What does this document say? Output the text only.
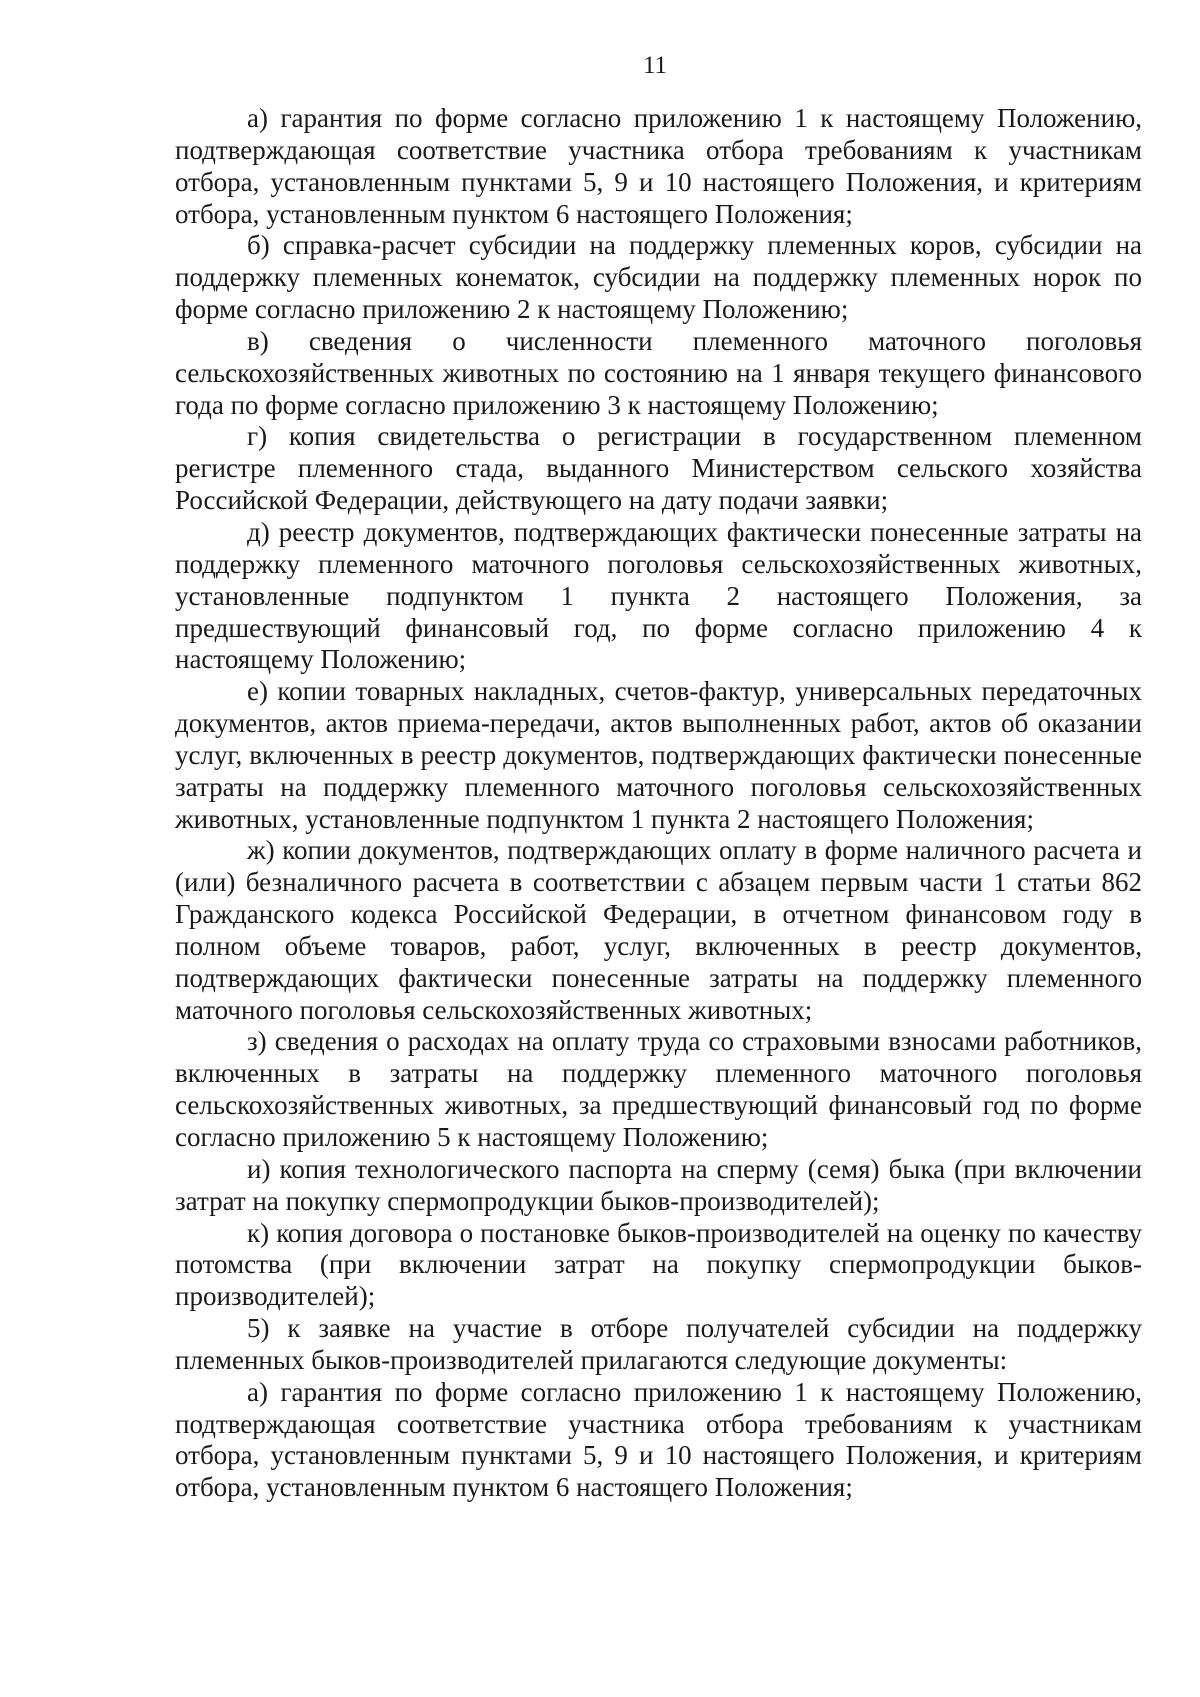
11

а) гарантия по форме согласно приложению 1 к настоящему Положению, подтверждающая соответствие участника отбора требованиям к участникам отбора, установленным пунктами 5, 9 и 10 настоящего Положения, и критериям отбора, установленным пунктом 6 настоящего Положения;

б) справка-расчет субсидии на поддержку племенных коров, субсидии на поддержку племенных конематок, субсидии на поддержку племенных норок по форме согласно приложению 2 к настоящему Положению;

в) сведения о численности племенного маточного поголовья сельскохозяйственных животных по состоянию на 1 января текущего финансового года по форме согласно приложению 3 к настоящему Положению;

г) копия свидетельства о регистрации в государственном племенном регистре племенного стада, выданного Министерством сельского хозяйства Российской Федерации, действующего на дату подачи заявки;

д) реестр документов, подтверждающих фактически понесенные затраты на поддержку племенного маточного поголовья сельскохозяйственных животных, установленные подпунктом 1 пункта 2 настоящего Положения, за предшествующий финансовый год, по форме согласно приложению 4 к настоящему Положению;

е) копии товарных накладных, счетов-фактур, универсальных передаточных документов, актов приема-передачи, актов выполненных работ, актов об оказании услуг, включенных в реестр документов, подтверждающих фактически понесенные затраты на поддержку племенного маточного поголовья сельскохозяйственных животных, установленные подпунктом 1 пункта 2 настоящего Положения;

ж) копии документов, подтверждающих оплату в форме наличного расчета и (или) безналичного расчета в соответствии с абзацем первым части 1 статьи 862 Гражданского кодекса Российской Федерации, в отчетном финансовом году в полном объеме товаров, работ, услуг, включенных в реестр документов, подтверждающих фактически понесенные затраты на поддержку племенного маточного поголовья сельскохозяйственных животных;

з) сведения о расходах на оплату труда со страховыми взносами работников, включенных в затраты на поддержку племенного маточного поголовья сельскохозяйственных животных, за предшествующий финансовый год по форме согласно приложению 5 к настоящему Положению;

и) копия технологического паспорта на сперму (семя) быка (при включении затрат на покупку спермопродукции быков-производителей);

к) копия договора о постановке быков-производителей на оценку по качеству потомства (при включении затрат на покупку спермопродукции быков-производителей);

5) к заявке на участие в отборе получателей субсидии на поддержку племенных быков-производителей прилагаются следующие документы:

а) гарантия по форме согласно приложению 1 к настоящему Положению, подтверждающая соответствие участника отбора требованиям к участникам отбора, установленным пунктами 5, 9 и 10 настоящего Положения, и критериям отбора, установленным пунктом 6 настоящего Положения;
